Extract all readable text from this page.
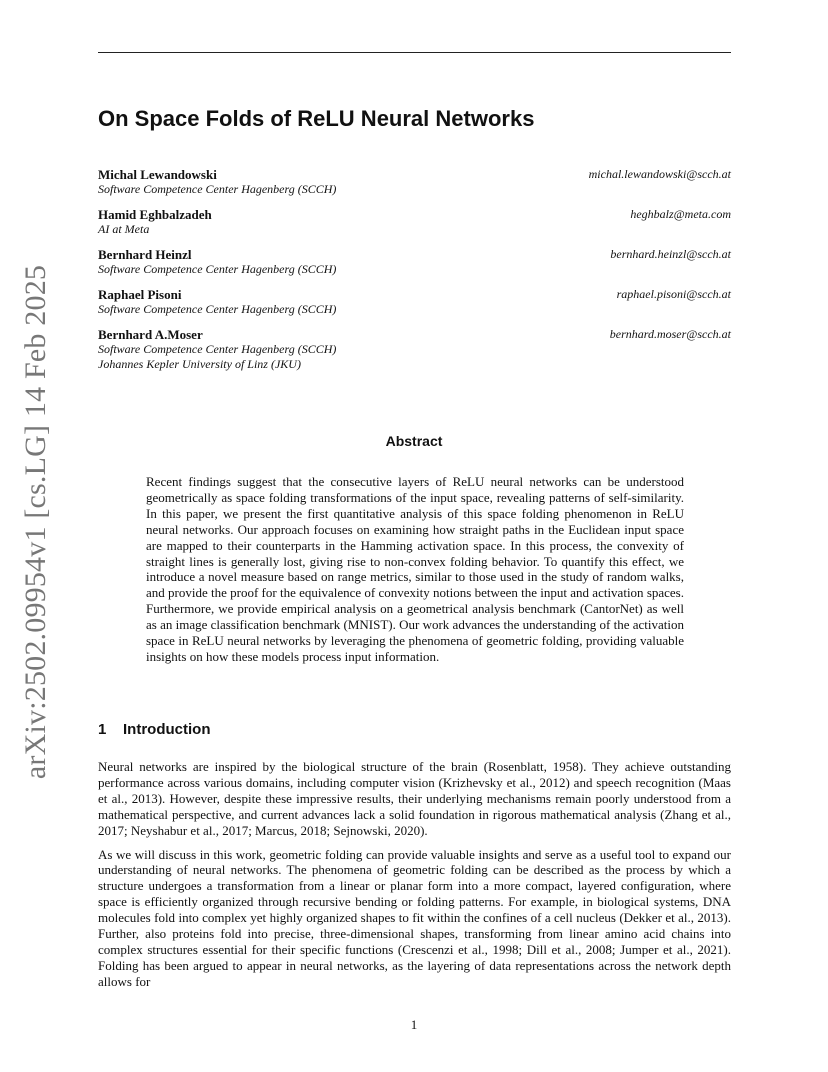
arXiv:2502.09954v1 [cs.LG] 14 Feb 2025
On Space Folds of ReLU Neural Networks
Michal Lewandowski
Software Competence Center Hagenberg (SCCH)
michal.lewandowski@scch.at
Hamid Eghbalzadeh
AI at Meta
heghbalz@meta.com
Bernhard Heinzl
Software Competence Center Hagenberg (SCCH)
bernhard.heinzl@scch.at
Raphael Pisoni
Software Competence Center Hagenberg (SCCH)
raphael.pisoni@scch.at
Bernhard A.Moser
Software Competence Center Hagenberg (SCCH)
Johannes Kepler University of Linz (JKU)
bernhard.moser@scch.at
Abstract

Recent findings suggest that the consecutive layers of ReLU neural networks can be understood geometrically as space folding transformations of the input space, revealing patterns of self-similarity. In this paper, we present the first quantitative analysis of this space folding phenomenon in ReLU neural networks. Our approach focuses on examining how straight paths in the Euclidean input space are mapped to their counterparts in the Hamming activation space. In this process, the convexity of straight lines is generally lost, giving rise to non-convex folding behavior. To quantify this effect, we introduce a novel measure based on range metrics, similar to those used in the study of random walks, and provide the proof for the equivalence of convexity notions between the input and activation spaces. Furthermore, we provide empirical analysis on a geometrical analysis benchmark (CantorNet) as well as an image classification benchmark (MNIST). Our work advances the understanding of the activation space in ReLU neural networks by leveraging the phenomena of geometric folding, providing valuable insights on how these models process input information.

1 Introduction

Neural networks are inspired by the biological structure of the brain (Rosenblatt, 1958). They achieve outstanding performance across various domains, including computer vision (Krizhevsky et al., 2012) and speech recognition (Maas et al., 2013). However, despite these impressive results, their underlying mechanisms remain poorly understood from a mathematical perspective, and current advances lack a solid foundation in rigorous mathematical analysis (Zhang et al., 2017; Neyshabur et al., 2017; Marcus, 2018; Sejnowski, 2020).

As we will discuss in this work, geometric folding can provide valuable insights and serve as a useful tool to expand our understanding of neural networks. The phenomena of geometric folding can be described as the process by which a structure undergoes a transformation from a linear or planar form into a more compact, layered configuration, where space is efficiently organized through recursive bending or folding patterns. For example, in biological systems, DNA molecules fold into complex yet highly organized shapes to fit within the confines of a cell nucleus (Dekker et al., 2013). Further, also proteins fold into precise, three-dimensional shapes, transforming from linear amino acid chains into complex structures essential for their specific functions (Crescenzi et al., 1998; Dill et al., 2008; Jumper et al., 2021). Folding has been argued to appear in neural networks, as the layering of data representations across the network depth allows for

1
